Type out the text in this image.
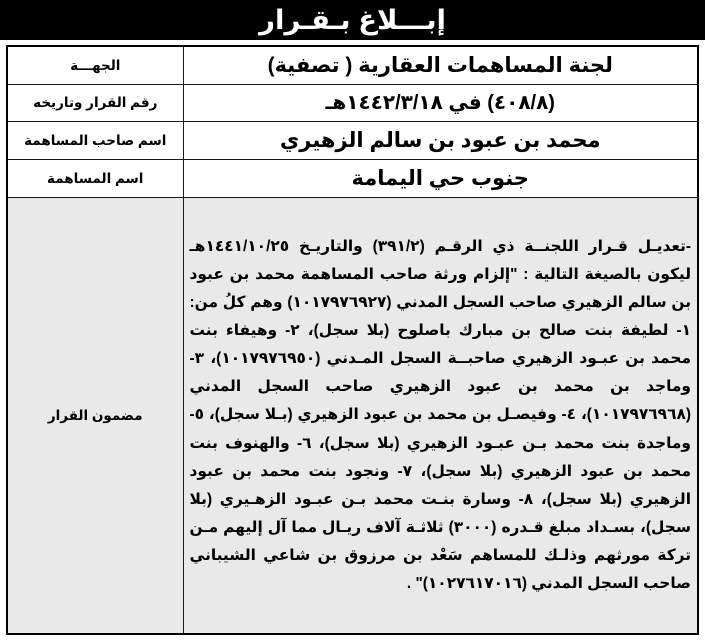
إبـــلاغ بـقـرار
لجنة المساهمات العقارية ( تصفية)	الجهـــة
(٤٠٨/٨) في ١٤٤٢/٣/١٨هـ	رقم القرار وتاريخه
محمد بن عبود بن سالم الزهيري	اسم صاحب المساهمة
جنوب حي اليمامة	اسم المساهمة

-تعديـل قـرار اللجنــة ذي الرقـم (٣٩١/٢) والتاريـخ ١٤٤١/١٠/٢٥هـ ليكون بالصيغة التالية : "إلزام ورثة صاحب المساهمة محمد بن عبود بن سالم الزهيري صاحب السجل المدني (١٠١٧٩٧٦٩٢٧) وهم كلُ من:

١- لطيفة بنت صالح بن مبارك باصلوح (بلا سجل)، ٢- وهيفاء بنت محمد بن عبـود الزهيري صاحبــة السجل المـدني (١٠١٧٩٧٦٩٥٠)، ٣- وماجد بن محمد بن عبود الزهيري صاحب السجل المدني (١٠١٧٩٧٦٩٦٨)، ٤- وفيصـل بن محمد بن عبود الزهيري (بـلا سجل)، ٥- وماجدة بنت محمد بـن عبـود الزهيري (بلا سجل)، ٦- والهنوف بنت محمد بن عبود الزهيري (بلا سجل)، ٧- ونجود بنت محمد بن عبود الزهيري (بلا سجل)، ٨- وسارة بنـت محمد بـن عبـود الزهـيري (بلا سجل)، بسـداد مبلغ قـدره (٣٠٠٠) ثلاثـة آلاف ريـال مما آل إليهم مـن تركة مورثهم وذلـك للمساهم سَعْد بن مرزوق بن شاعي الشيباني صاحب السجل المدني (١٠٢٧٦١٧٠١٦)" .	مضمون القرار
